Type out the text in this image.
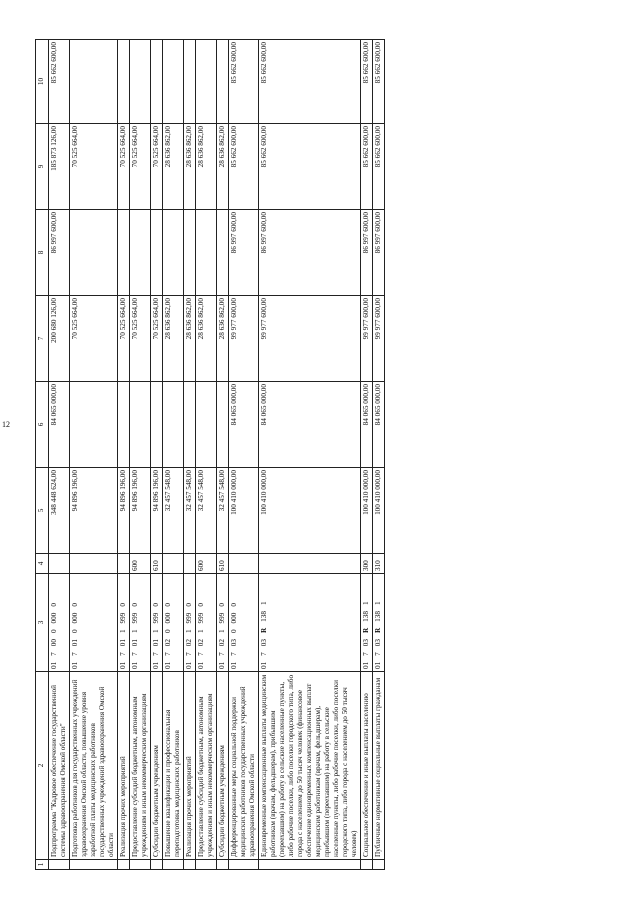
12
1	2	3	4	5	6	7	8	9	10
	Подпрограмма "Кадровое обеспечение государственной системы здравоохранения Омской области"	0170000000		348 448 624,00	84 065 000,00	200 680 126,00	86 997 600,00	185 873 126,00	85 662 600,00
	Подготовка работников для государственных учреждений здравоохранения Омской области, повышение уровня заработной платы медицинских работников государственных учреждений здравоохранения Омской области	0170100000		94 896 196,00		70 525 664,00		70 525 664,00	
	Реализация прочих мероприятий	0170119990		94 896 196,00		70 525 664,00		70 525 664,00	
	Предоставление субсидий бюджетным, автономным учреждениям и иным некоммерческим организациям	0170119990	600	94 896 196,00		70 525 664,00		70 525 664,00	
	Субсидии бюджетным учреждениям	0170119990	610	94 896 196,00		70 525 664,00		70 525 664,00	
	Повышение квалификации и профессиональная переподготовка медицинских работников	0170200000		32 457 548,00		28 636 862,00		28 636 862,00	
	Реализация прочих мероприятий	0170219990		32 457 548,00		28 636 862,00		28 636 862,00	
	Предоставление субсидий бюджетным, автономным учреждениям и иным некоммерческим организациям	0170219990	600	32 457 548,00		28 636 862,00		28 636 862,00	
	Субсидии бюджетным учреждениям	0170219990	610	32 457 548,00		28 636 862,00		28 636 862,00	
	Дифференцированные меры социальной поддержки медицинских работников государственных учреждений здравоохранения Омской области	0170300000		100 410 000,00	84 065 000,00	99 977 600,00	86 997 600,00	85 662 600,00	85 662 600,00
	Единовременные компенсационные выплаты медицинским работникам (врачам, фельдшерам), прибывшим (переехавшим) на работу в сельские населенные пункты, либо рабочие поселки, либо поселки городского типа, либо города с населением до 50 тысяч человек (финансовое обеспечение единовременных компенсационных выплат медицинским работникам (врачам, фельдшерам), прибывшим (переехавшим) на работу в сельские населенные пункты, либо рабочие поселки, либо поселки городского типа, либо города с населением до 50 тысяч человек)	01703R1381		100 410 000,00	84 065 000,00	99 977 600,00	86 997 600,00	85 662 600,00	85 662 600,00
	Социальное обеспечение и иные выплаты населению	01703R1381	300	100 410 000,00	84 065 000,00	99 977 600,00	86 997 600,00	85 662 600,00	85 662 600,00
	Публичные нормативные социальные выплаты гражданам	01703R1381	310	100 410 000,00	84 065 000,00	99 977 600,00	86 997 600,00	85 662 600,00	85 662 600,00
